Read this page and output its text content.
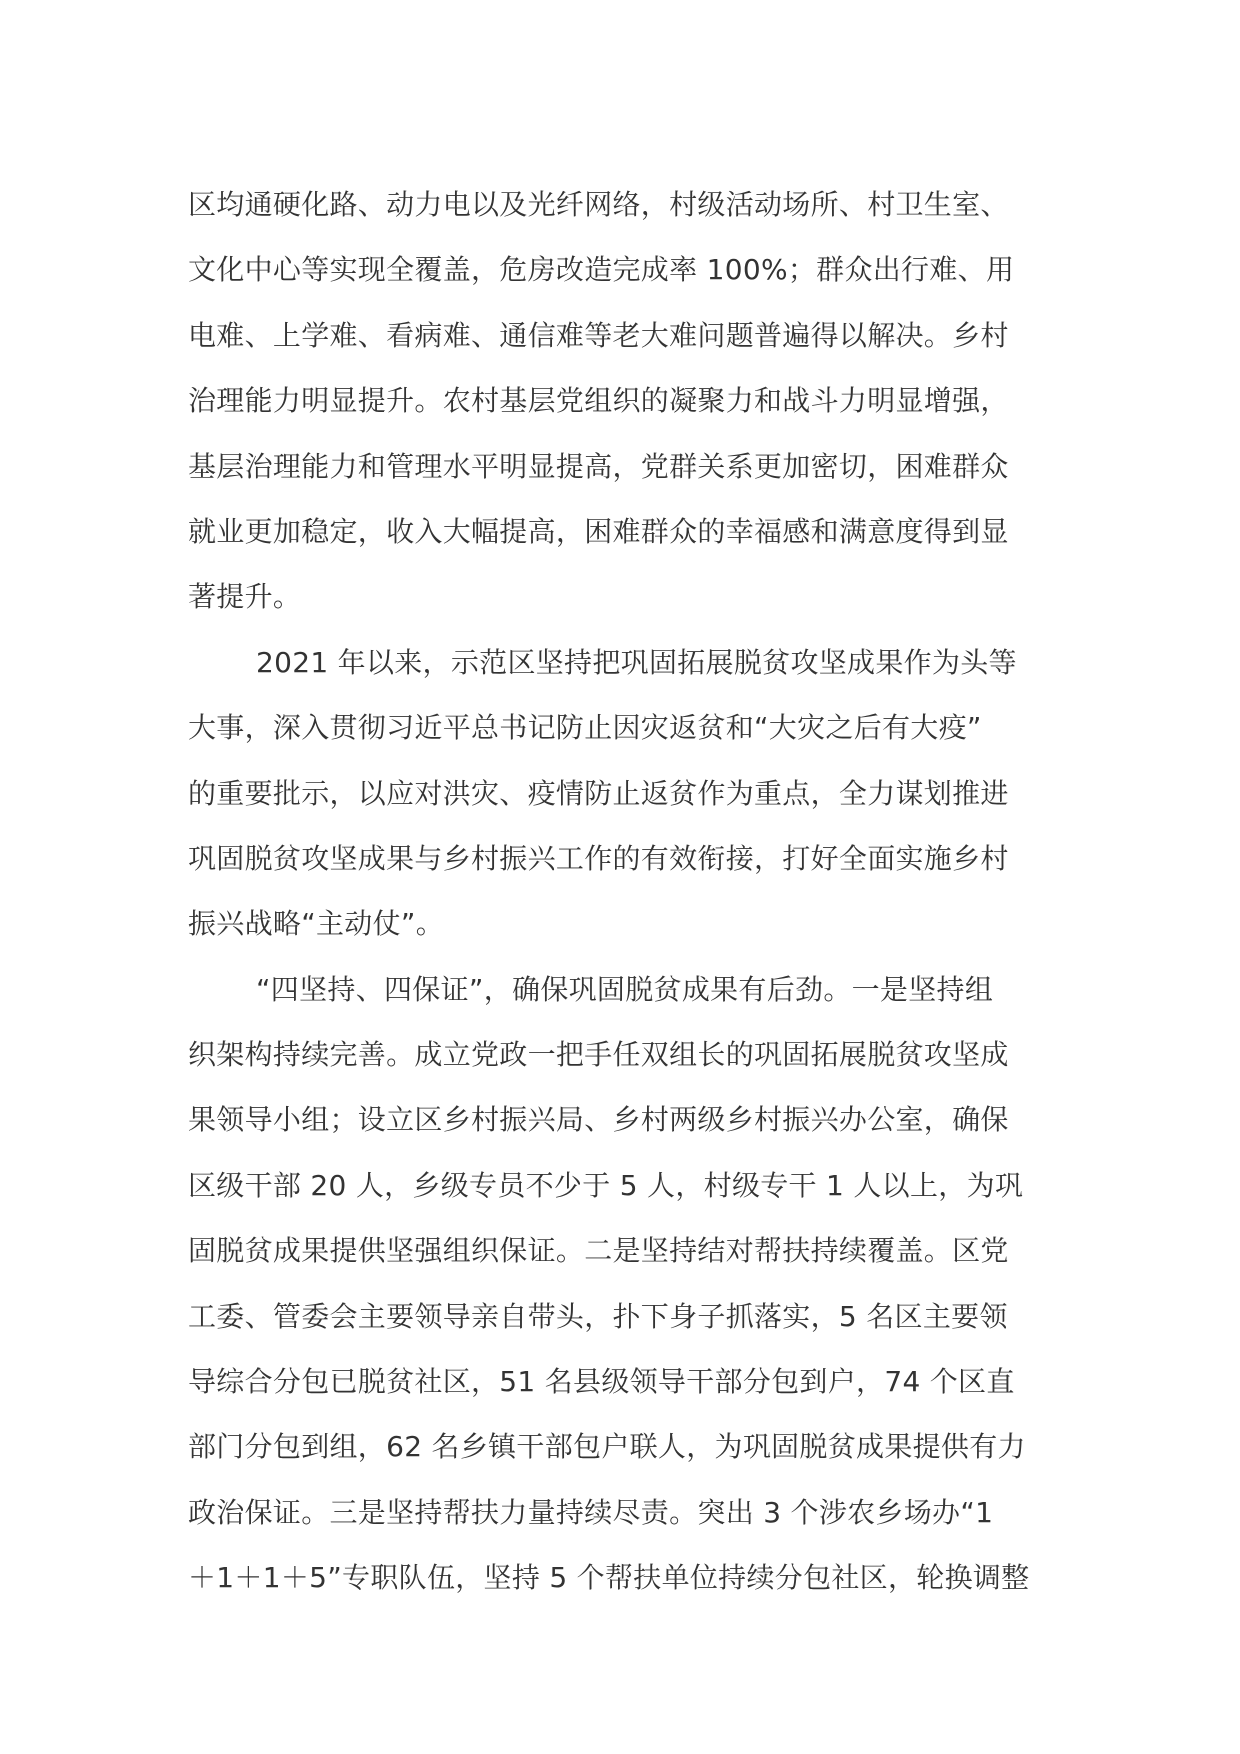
区均通硬化路、动力电以及光纤网络，村级活动场所、村卫生室、
文化中心等实现全覆盖，危房改造完成率 100%；群众出行难、用
电难、上学难、看病难、通信难等老大难问题普遍得以解决。乡村
治理能力明显提升。农村基层党组织的凝聚力和战斗力明显增强，
基层治理能力和管理水平明显提高，党群关系更加密切，困难群众
就业更加稳定，收入大幅提高，困难群众的幸福感和满意度得到显
著提升。
2021 年以来，示范区坚持把巩固拓展脱贫攻坚成果作为头等
大事，深入贯彻习近平总书记防止因灾返贫和“大灾之后有大疫”
的重要批示，以应对洪灾、疫情防止返贫作为重点，全力谋划推进
巩固脱贫攻坚成果与乡村振兴工作的有效衔接，打好全面实施乡村
振兴战略“主动仗”。
“四坚持、四保证”，确保巩固脱贫成果有后劲。一是坚持组
织架构持续完善。成立党政一把手任双组长的巩固拓展脱贫攻坚成
果领导小组；设立区乡村振兴局、乡村两级乡村振兴办公室，确保
区级干部 20 人，乡级专员不少于 5 人，村级专干 1 人以上，为巩
固脱贫成果提供坚强组织保证。二是坚持结对帮扶持续覆盖。区党
工委、管委会主要领导亲自带头，扑下身子抓落实，5 名区主要领
导综合分包已脱贫社区，51 名县级领导干部分包到户，74 个区直
部门分包到组，62 名乡镇干部包户联人，为巩固脱贫成果提供有力
政治保证。三是坚持帮扶力量持续尽责。突出 3 个涉农乡场办“1
＋1＋1＋5”专职队伍，坚持 5 个帮扶单位持续分包社区，轮换调整
